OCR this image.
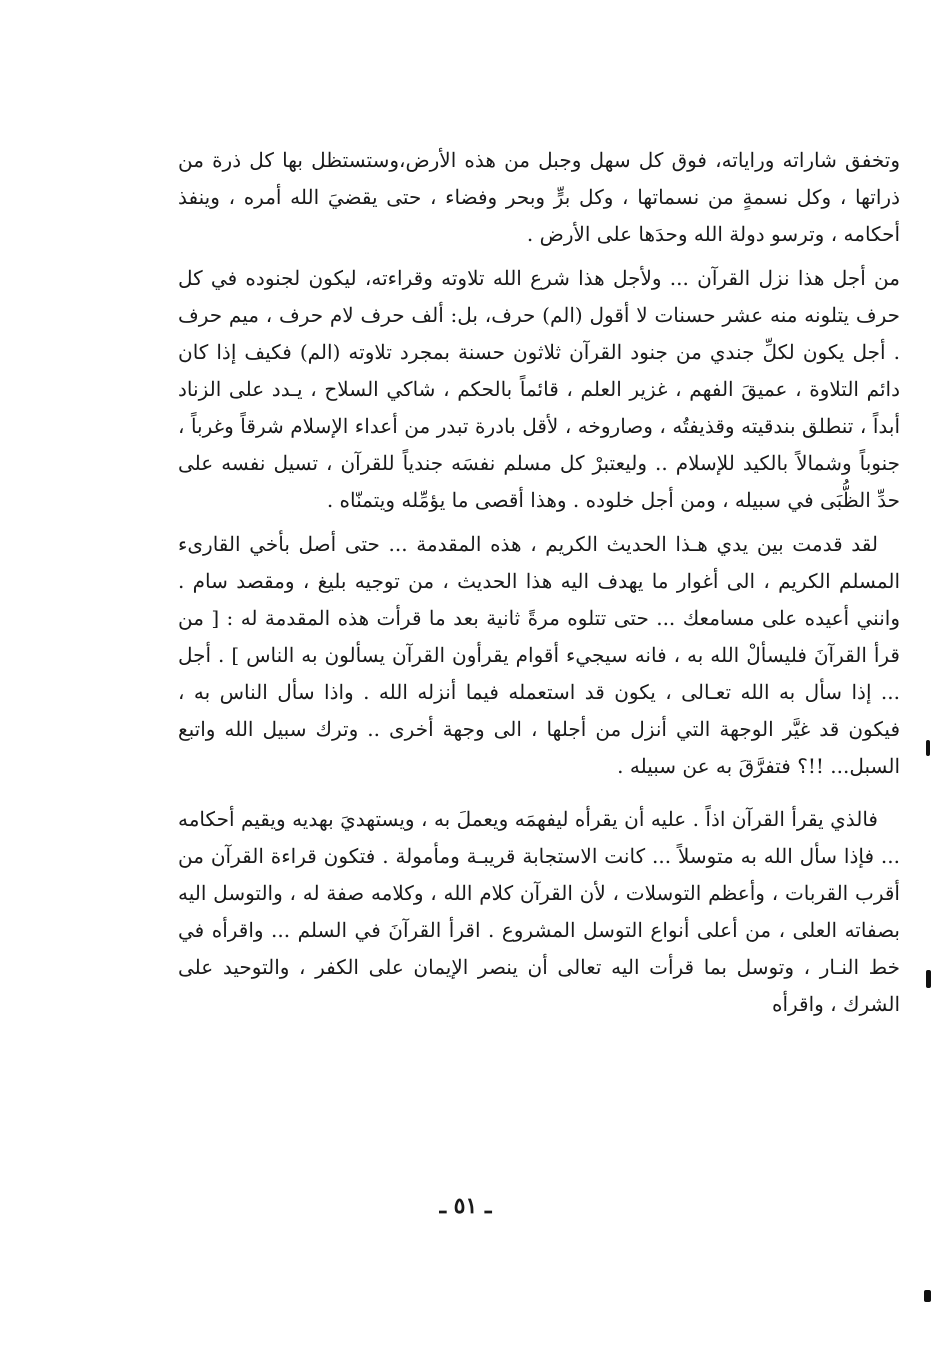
وتخفق شاراته وراياته، فوق كل سهل وجبل من هذه الأرض،وستستظل بها كل ذرة من ذراتها ، وكل نسمةٍ من نسماتها ، وكل برٍّ وبحر وفضاء ، حتى يقضيَ الله أمره ، وينفذ أحكامه ، وترسو دولة الله وحدَها على الأرض .

من أجل هذا نزل القرآن ... ولأجل هذا شرع الله تلاوته وقراءته، ليكون لجنوده في كل حرف يتلونه منه عشر حسنات لا أقول (الم) حرف، بل: ألف حرف لام حرف ، ميم حرف . أجل يكون لكلِّ جندي من جنود القرآن ثلاثون حسنة بمجرد تلاوته (الم) فكيف إذا كان دائم التلاوة ، عميقَ الفهم ، غزير العلم ، قائماً بالحكم ، شاكي السلاح ، يـدد على الزناد أبداً ، تنطلق بندقيته وقذيفتُه ، وصاروخه ، لأقل بادرة تبدر من أعداء الإسلام شرقاً وغرباً ، جنوباً وشمالاً بالكيد للإسلام .. وليعتبرْ كل مسلم نفسَه جندياً للقرآن ، تسيل نفسه على حدِّ الظُّبَى في سبيله ، ومن أجل خلوده . وهذا أقصى ما يؤمِّله ويتمنّاه .

لقد قدمت بين يدي هـذا الحديث الكريم ، هذه المقدمة ... حتى أصل بأخي القارىء المسلم الكريم ، الى أغوار ما يهدف اليه هذا الحديث ، من توجيه بليغ ، ومقصد سام . وانني أعيده على مسامعك ... حتى تتلوه مرةً ثانية بعد ما قرأت هذه المقدمة له : [ من قرأ القرآنَ فليسألْ الله به ، فانه سيجيء أقوام يقرأون القرآن يسألون به الناس ] . أجل ... إذا سأل به الله تعـالى ، يكون قد استعمله فيما أنزله الله . واذا سأل الناس به ، فيكون قد غيَّر الوجهة التي أنزل من أجلها ، الى وجهة أخرى .. وترك سبيل الله واتبع السبل... !!؟ فتفرَّقَ به عن سبيله .

فالذي يقرأ القرآن اذاً . عليه أن يقرأه ليفهمَه ويعملَ به ، ويستهديَ بهديه ويقيم أحكامه ... فإذا سأل الله به متوسلاً ... كانت الاستجابة قريبـة ومأمولة . فتكون قراءة القرآن من أقرب القربات ، وأعظم التوسلات ، لأن القرآن كلام الله ، وكلامه صفة له ، والتوسل اليه بصفاته العلى ، من أعلى أنواع التوسل المشروع . اقرأ القرآنَ في السلم ... واقرأه في خط النـار ، وتوسل بما قرأت اليه تعالى أن ينصر الإيمان على الكفر ، والتوحيد على الشرك ، واقرأه

ـ ٥١ ـ
